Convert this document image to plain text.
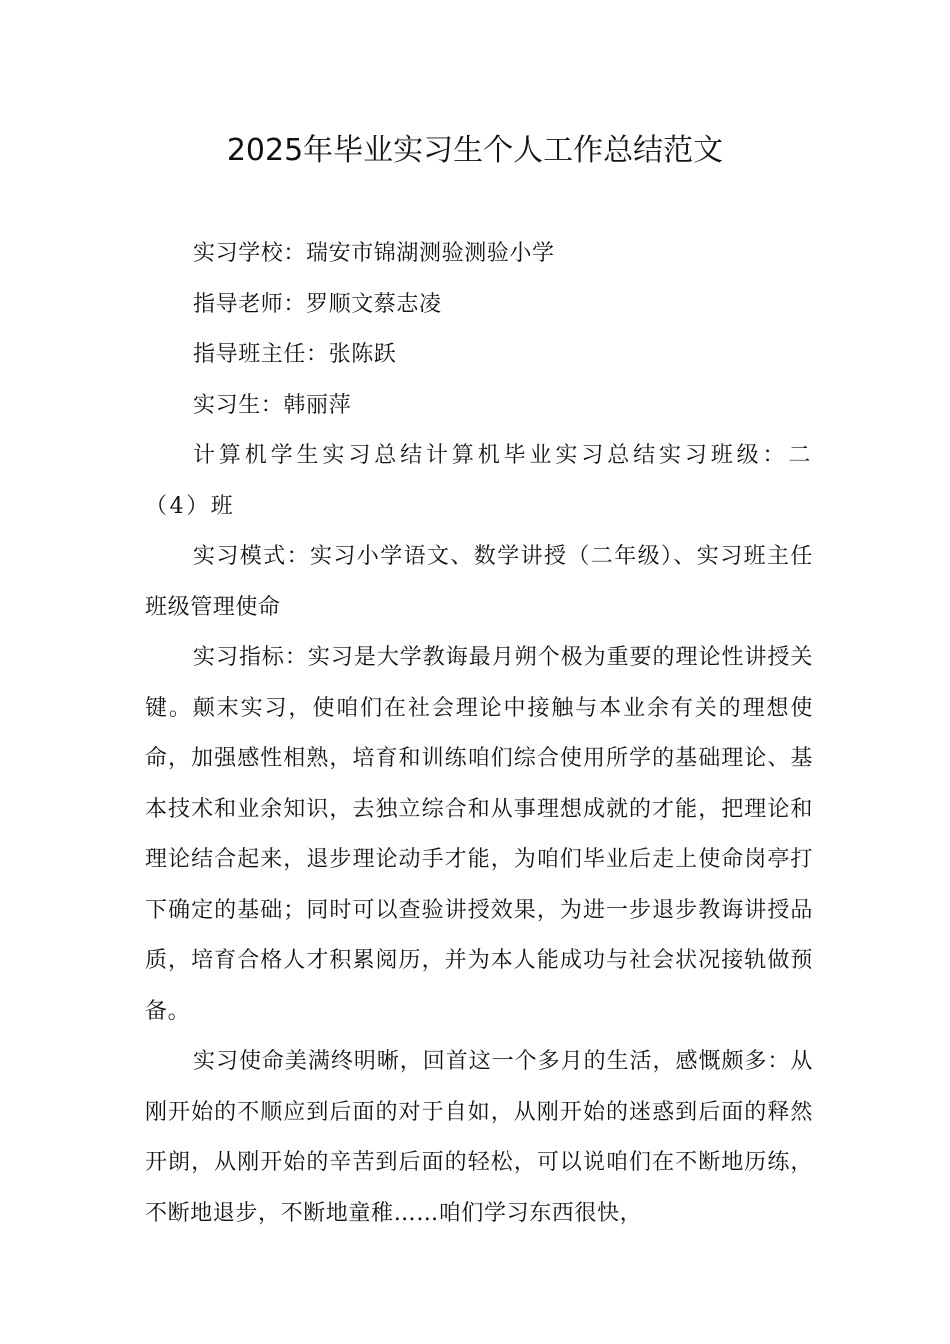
2025年毕业实习生个人工作总结范文

实习学校：瑞安市锦湖测验测验小学

指导老师：罗顺文蔡志凌

指导班主任：张陈跃

实习生：韩丽萍

计算机学生实习总结计算机毕业实习总结实习班级：二（4）班

实习模式：实习小学语文、数学讲授（二年级）、实习班主任班级管理使命

实习指标：实习是大学教诲最月朔个极为重要的理论性讲授关键。颠末实习，使咱们在社会理论中接触与本业余有关的理想使命，加强感性相熟，培育和训练咱们综合使用所学的基础理论、基本技术和业余知识，去独立综合和从事理想成就的才能，把理论和理论结合起来，退步理论动手才能，为咱们毕业后走上使命岗亭打下确定的基础；同时可以查验讲授效果，为进一步退步教诲讲授品质，培育合格人才积累阅历，并为本人能成功与社会状况接轨做预备。

实习使命美满终明晰，回首这一个多月的生活，感慨颇多：从刚开始的不顺应到后面的对于自如，从刚开始的迷惑到后面的释然开朗，从刚开始的辛苦到后面的轻松，可以说咱们在不断地历练，不断地退步，不断地童稚……咱们学习东西很快，
